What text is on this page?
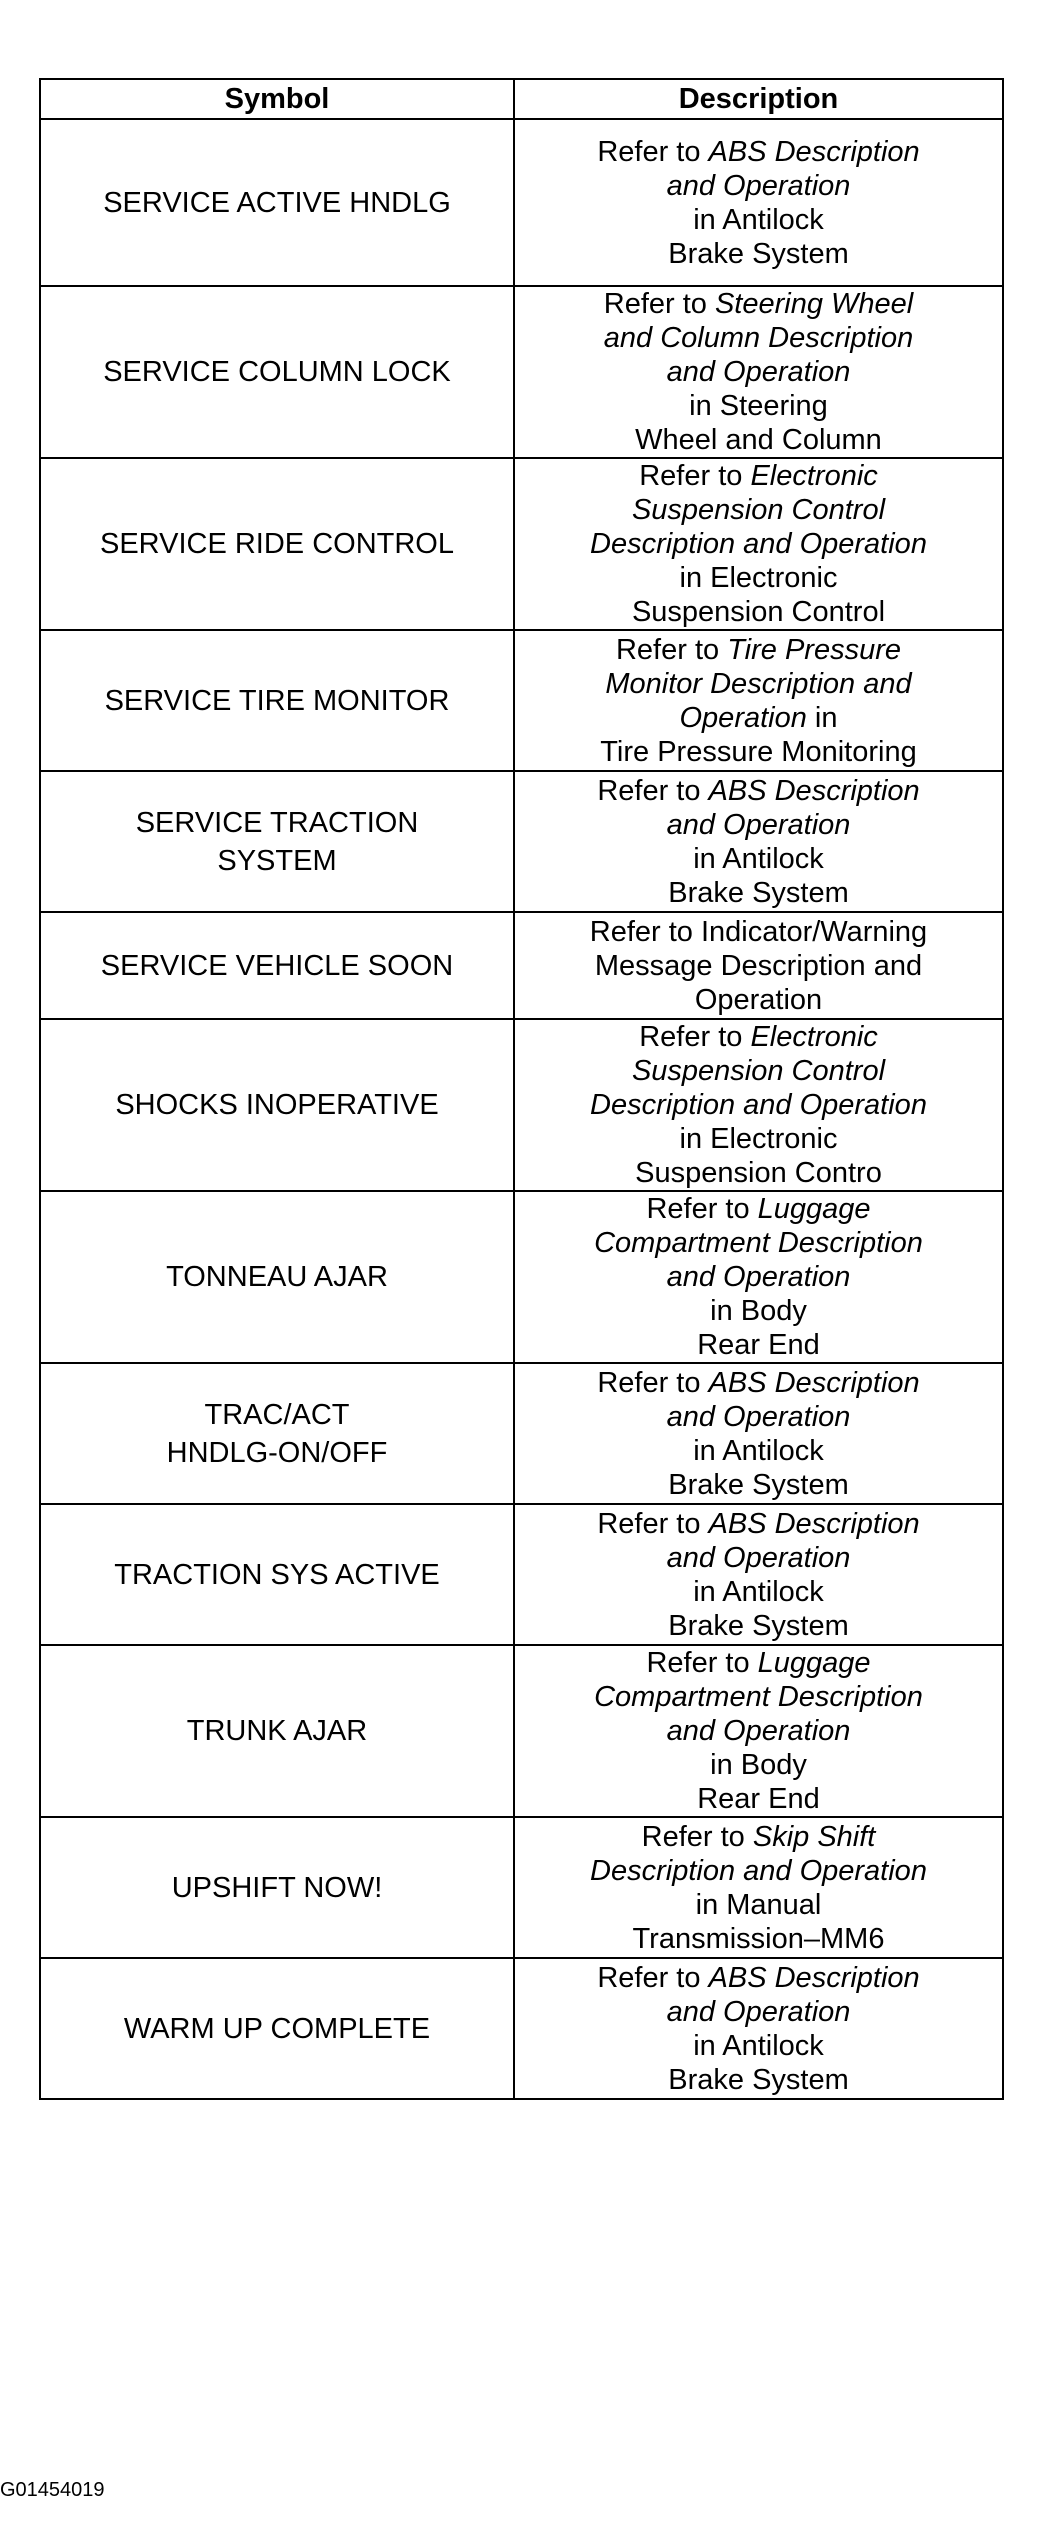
Symbol	Description

SERVICE ACTIVE HNDLG	Refer to ABS Description
and Operation
in Antilock
Brake System

SERVICE COLUMN LOCK	Refer to Steering Wheel
and Column Description
and Operation
in Steering
Wheel and Column

SERVICE RIDE CONTROL	Refer to Electronic
Suspension Control
Description and Operation
in Electronic
Suspension Control

SERVICE TIRE MONITOR	Refer to Tire Pressure
Monitor Description and
Operation in
Tire Pressure Monitoring

SERVICE TRACTION
SYSTEM	Refer to ABS Description
and Operation
in Antilock
Brake System

SERVICE VEHICLE SOON	Refer to Indicator/Warning
Message Description and
Operation

SHOCKS INOPERATIVE	Refer to Electronic
Suspension Control
Description and Operation
in Electronic
Suspension Contro

TONNEAU AJAR	Refer to Luggage
Compartment Description
and Operation
in Body
Rear End

TRAC/ACT
HNDLG-ON/OFF	Refer to ABS Description
and Operation
in Antilock
Brake System

TRACTION SYS ACTIVE	Refer to ABS Description
and Operation
in Antilock
Brake System

TRUNK AJAR	Refer to Luggage
Compartment Description
and Operation
in Body
Rear End

UPSHIFT NOW!	Refer to Skip Shift
Description and Operation
in Manual
Transmission–MM6

WARM UP COMPLETE	Refer to ABS Description
and Operation
in Antilock
Brake System
G01454019
